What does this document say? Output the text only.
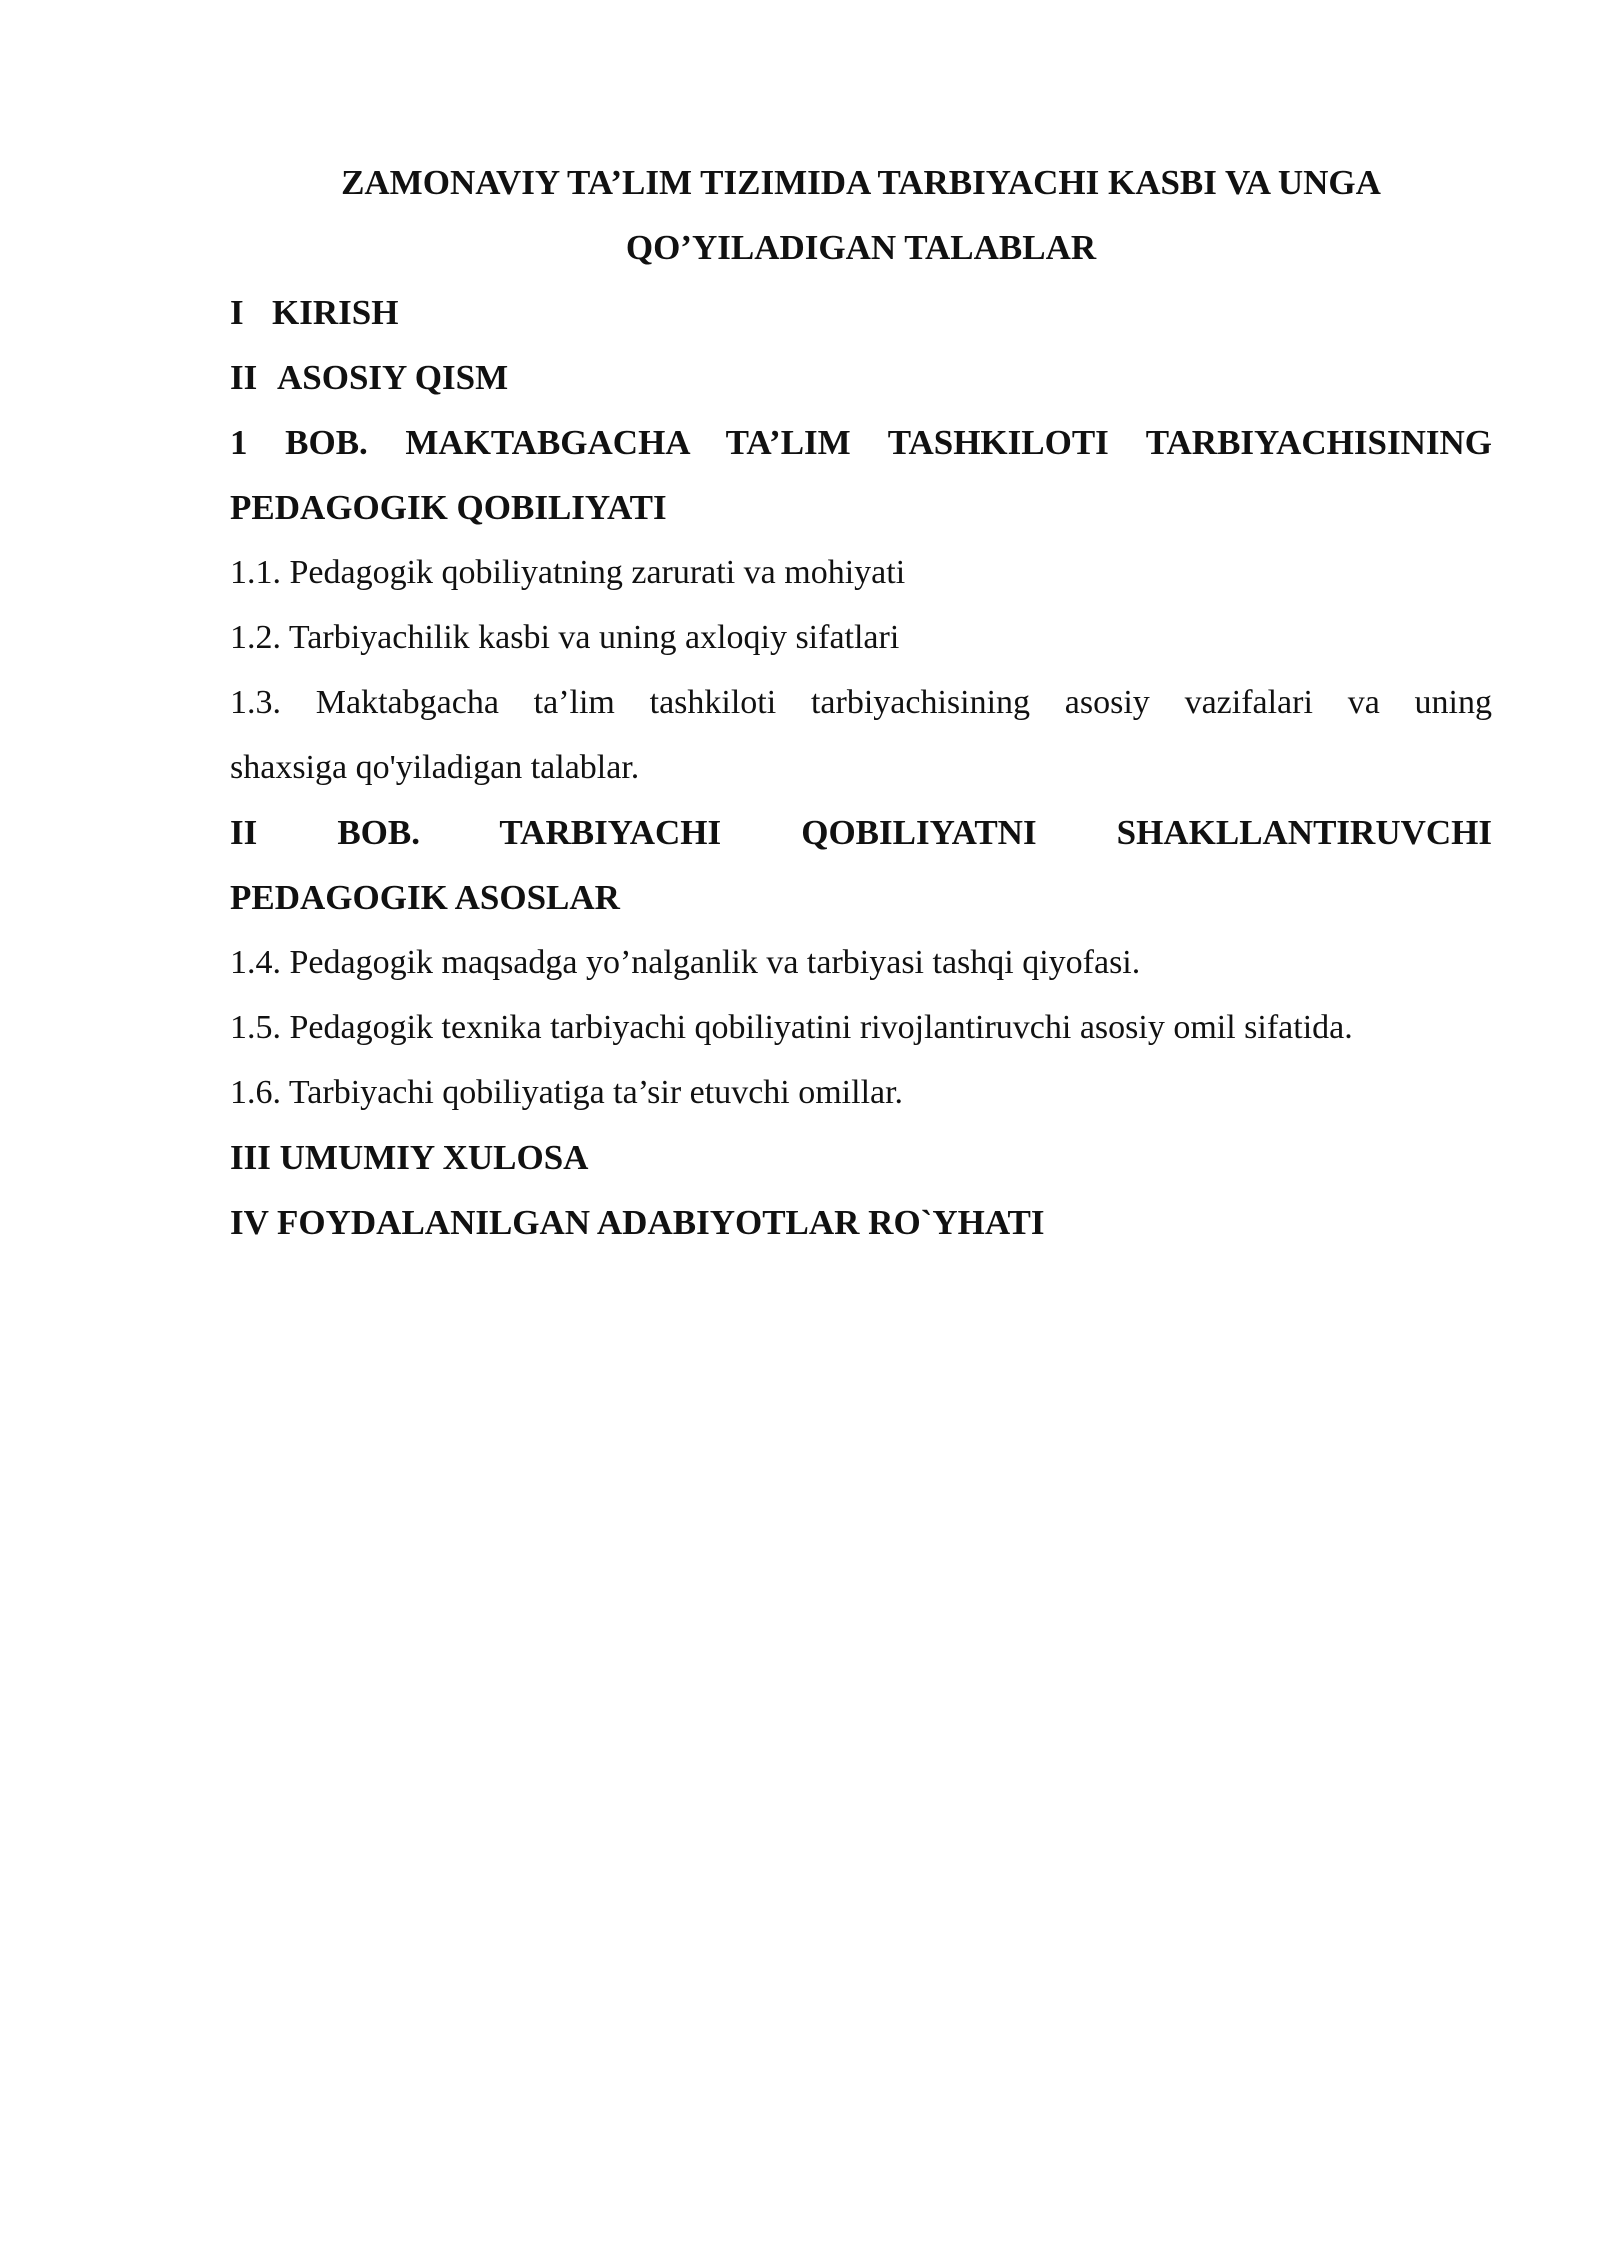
ZAMONAVIY TA’LIM TIZIMIDA TARBIYACHI KASBI VA UNGA
QO’YILADIGAN TALABLAR

I KIRISH

II ASOSIY QISM

1 BOB. MAKTABGACHA TA’LIM TASHKILOTI TARBIYACHISINING

PEDAGOGIK QOBILIYATI

1.1. Pedagogik qobiliyatning zarurati va mohiyati

1.2. Tarbiyachilik kasbi va uning axloqiy sifatlari

1.3. Maktabgacha ta’lim tashkiloti tarbiyachisining asosiy vazifalari va uning

shaxsiga qo'yiladigan talablar.

II BOB. TARBIYACHI QOBILIYATNI SHAKLLANTIRUVCHI

PEDAGOGIK ASOSLAR

1.4. Pedagogik maqsadga yo’nalganlik va tarbiyasi tashqi qiyofasi.

1.5. Pedagogik texnika tarbiyachi qobiliyatini rivojlantiruvchi asosiy omil sifatida.

1.6. Tarbiyachi qobiliyatiga ta’sir etuvchi omillar.

III UMUMIY XULOSA

IV FOYDALANILGAN ADABIYOTLAR RO`YHATI
